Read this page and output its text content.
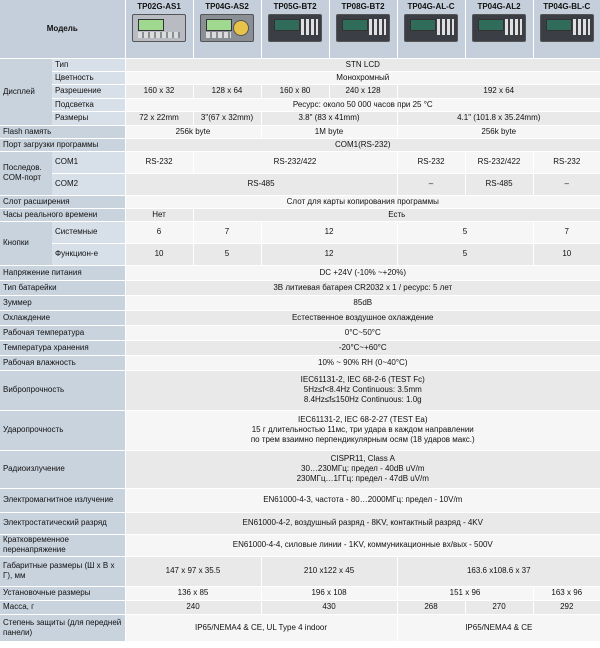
Модель		TP02G-AS1	TP04G-AS2	TP05G-BT2	TP08G-BT2	TP04G-AL-C	TP04G-AL2	TP04G-BL-C

Дисплей	Тип	STN LCD						
	Цветность	Монохромный						
	Разрешение	160 x 32	128 x 64	160 x 80	240 x 128	192 x 64		
	Подсветка	Ресурс: около 50 000 часов при 25 °C						
	Размеры	72 x 22mm	3"(67 x 32mm)	3.8" (83 x 41mm)		4.1" (101.8 x 35.24mm)		
Flash память		256k byte		1M byte		256k byte		
Порт загрузки программы		COM1(RS-232)						

Последов. COM-порт	COM1	RS-232	RS-232/422			RS-232	RS-232/422	RS-232
	COM2	RS-485				–	RS-485	–
Слот расширения		Слот для карты копирования программы						
Часы реального времени		Нет	Есть					
Кнопки	Системные	6	7	12		5		7
	Функцион-е	10	5	12		5		10
Напряжение питания		DC +24V (-10% ~+20%)						
Тип батарейки		3В литиевая батарея CR2032 x 1 / ресурс: 5 лет						
Зуммер		85dB						
Охлаждение		Естественное воздушное охлаждение						
Рабочая температура		0°C~50°C						
Температура хранения		-20°C~+60°C						
Рабочая влажность		10% ~ 90% RH (0~40°C)						
Вибропрочность		IEC61131-2, IEC 68-2-6 (TEST Fc)
5Hz≤f<8.4Hz Continuous: 3.5mm
8.4Hz≤f≤150Hz Continuous: 1.0g						

Ударопрочность		IEC61131-2, IEC 68-2-27 (TEST Ea)
15 г длительностью 11мс, три удара в каждом направлении
по трем взаимно перпендикулярным осям (18 ударов макс.)						

Радиоизлучение		CISPR11, Class A
30…230МГц: предел - 40dB uV/m
230МГц…1ГГц: предел - 47dB uV/m						

Электромагнитное излучение		EN61000-4-3, частота - 80…2000МГц: предел - 10V/m						

Электростатический разряд		EN61000-4-2, воздушный разряд - 8KV, контактный разряд - 4KV						

Кратковременное перенапряжение		EN61000-4-4, силовые линии - 1KV, коммуникационные вх/вых - 500V						

Габаритные размеры (Ш x В x Г), мм		147 x 97 x 35.5		210 x122 x 45		163.6 x108.6 x 37		
Установочные размеры		136 x 85		196 x 108		151 x 96		163 x 96
Масса, г		240		430		268	270	292

Степень защиты (для передней панели)		IP65/NEMA4 & CE, UL Type 4 indoor				IP65/NEMA4 & CE		
